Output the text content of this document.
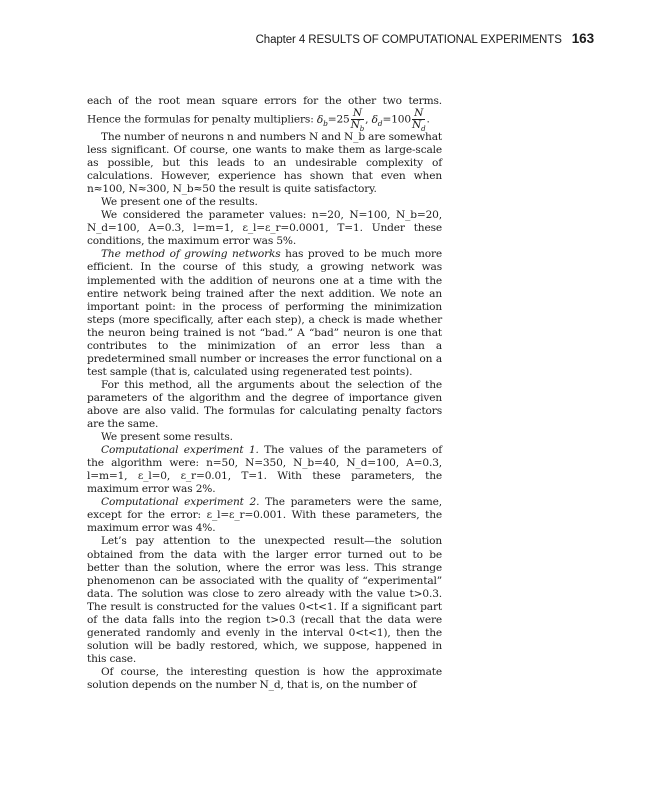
Chapter 4 RESULTS OF COMPUTATIONAL EXPERIMENTS 163

each of the root mean square errors for the other two terms. Hence the formulas for penalty multipliers: $\delta_b=25 \frac{N}{N_b}$ , $\delta_d=100 \frac{N}{N_d}$ .

The number of neurons n and numbers N and N_b are somewhat less significant. Of course, one wants to make them as large-scale as possible, but this leads to an undesirable complexity of calculations. However, experience has shown that even when n≈100, N≈300, N_b≈50 the result is quite satisfactory.

We present one of the results.

We considered the parameter values: n=20, N=100, N_b=20, N_d=100, A=0.3, l=m=1, ε_l=ε_r=0.0001, T=1. Under these conditions, the maximum error was 5%.

The method of growing networks has proved to be much more efficient. In the course of this study, a growing network was implemented with the addition of neurons one at a time with the entire network being trained after the next addition. We note an important point: in the process of performing the minimization steps (more specifically, after each step), a check is made whether the neuron being trained is not “bad.” A “bad” neuron is one that contributes to the minimization of an error less than a predetermined small number or increases the error functional on a test sample (that is, calculated using regenerated test points).

For this method, all the arguments about the selection of the parameters of the algorithm and the degree of importance given above are also valid. The formulas for calculating penalty factors are the same.

We present some results.

Computational experiment 1. The values of the parameters of the algorithm were: n=50, N=350, N_b=40, N_d=100, A=0.3, l=m=1, ε_l=0, ε_r=0.01, T=1. With these parameters, the maximum error was 2%.

Computational experiment 2. The parameters were the same, except for the error: ε_l=ε_r=0.001. With these parameters, the maximum error was 4%.

Let’s pay attention to the unexpected result—the solution obtained from the data with the larger error turned out to be better than the solution, where the error was less. This strange phenomenon can be associated with the quality of “experimental” data. The solution was close to zero already with the value t>0.3. The result is constructed for the values 0<t<1. If a significant part of the data falls into the region t>0.3 (recall that the data were generated randomly and evenly in the interval 0<t<1), then the solution will be badly restored, which, we suppose, happened in this case.

Of course, the interesting question is how the approximate solution depends on the number N_d, that is, on the number of
